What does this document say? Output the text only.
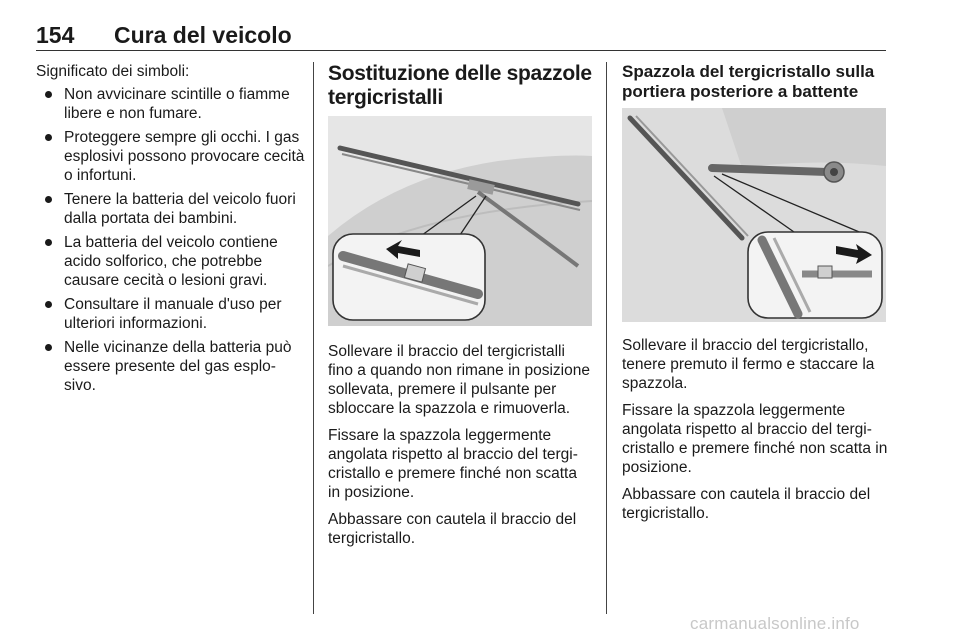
154 Cura del veicolo

Significato dei simboli:

Non avvicinare scintille o fiamme libere e non fumare.
Proteggere sempre gli occhi. I gas esplosivi possono provocare cecità o infortuni.
Tenere la batteria del veicolo fuori dalla portata dei bambini.
La batteria del veicolo contiene acido solforico, che potrebbe causare cecità o lesioni gravi.
Consultare il manuale d'uso per ulteriori informazioni.
Nelle vicinanze della batteria può essere presente del gas esplo-sivo.
Sostituzione delle spazzole tergicristalli

Sollevare il braccio del tergicristalli fino a quando non rimane in posizione sollevata, premere il pulsante per sbloccare la spazzola e rimuoverla.

Fissare la spazzola leggermente angolata rispetto al braccio del tergi-cristallo e premere finché non scatta in posizione.

Abbassare con cautela il braccio del tergicristallo.

Spazzola del tergicristallo sulla portiera posteriore a battente

Sollevare il braccio del tergicristallo, tenere premuto il fermo e staccare la spazzola.

Fissare la spazzola leggermente angolata rispetto al braccio del tergi-cristallo e premere finché non scatta in posizione.

Abbassare con cautela il braccio del tergicristallo.

carmanualsonline.info
